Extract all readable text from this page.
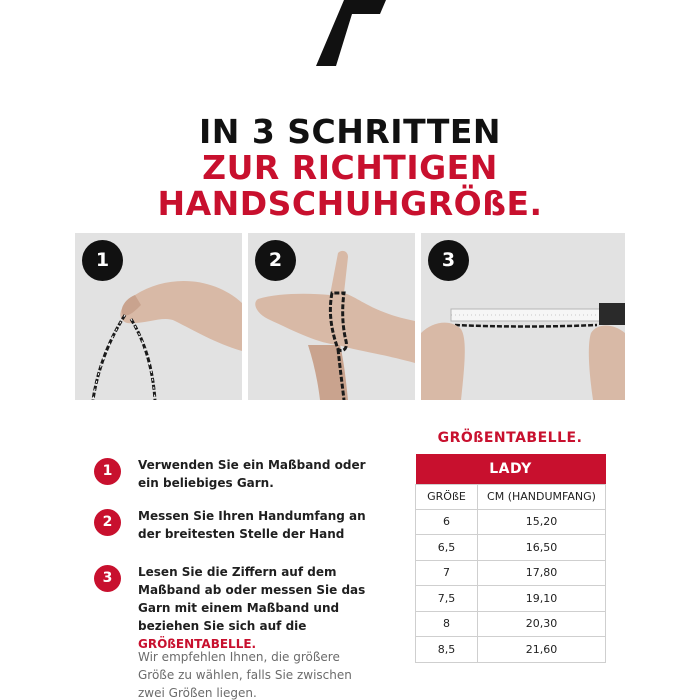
IN 3 SCHRITTEN
ZUR RICHTIGEN
HANDSCHUHGRÖßE.
1	2	3
1	Verwenden Sie ein Maßband oder ein beliebiges Garn.
2	Messen Sie Ihren Handumfang an der breitesten Stelle der Hand
3	Lesen Sie die Ziffern auf dem Maßband ab oder messen Sie das Garn mit einem Maßband und beziehen Sie sich auf die GRÖßENTABELLE.
Wir empfehlen Ihnen, die größere Größe zu wählen, falls Sie zwischen zwei Größen liegen.
GRÖßENTABELLE.
LADY	
GRÖßE	CM (HANDUMFANG)
6	15,20
6,5	16,50
7	17,80
7,5	19,10
8	20,30
8,5	21,60
